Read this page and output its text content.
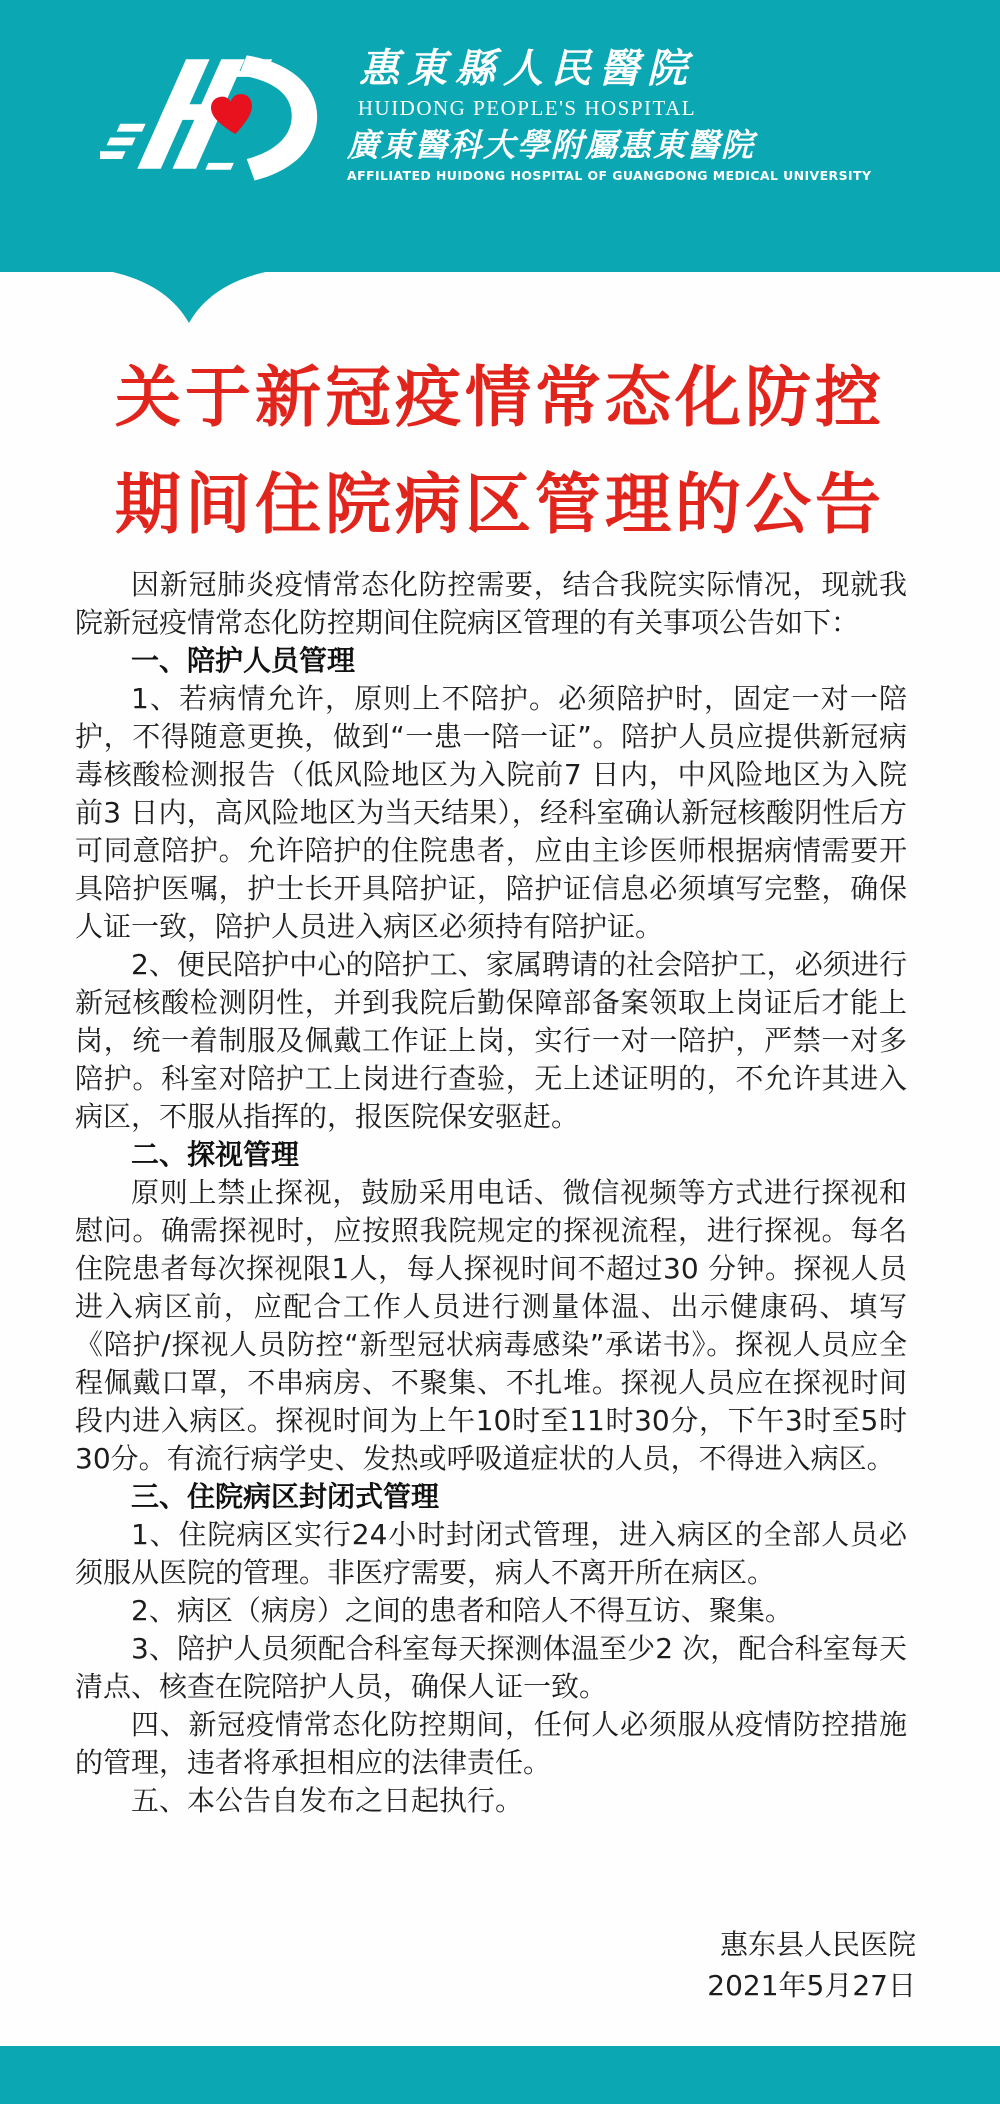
惠東縣人民醫院
HUIDONG PEOPLE'S HOSPITAL
廣東醫科大學附屬惠東醫院
AFFILIATED HUIDONG HOSPITAL OF GUANGDONG MEDICAL UNIVERSITY
关于新冠疫情常态化防控
期间住院病区管理的公告

因新冠肺炎疫情常态化防控需要，结合我院实际情况，现就我院新冠疫情常态化防控期间住院病区管理的有关事项公告如下：

一、陪护人员管理

1、若病情允许，原则上不陪护。必须陪护时，固定一对一陪护，不得随意更换，做到“一患一陪一证”。陪护人员应提供新冠病毒核酸检测报告（低风险地区为入院前7 日内，中风险地区为入院前3 日内，高风险地区为当天结果），经科室确认新冠核酸阴性后方可同意陪护。允许陪护的住院患者，应由主诊医师根据病情需要开具陪护医嘱，护士长开具陪护证，陪护证信息必须填写完整，确保人证一致，陪护人员进入病区必须持有陪护证。

2、便民陪护中心的陪护工、家属聘请的社会陪护工，必须进行新冠核酸检测阴性，并到我院后勤保障部备案领取上岗证后才能上岗，统一着制服及佩戴工作证上岗，实行一对一陪护，严禁一对多陪护。科室对陪护工上岗进行查验，无上述证明的，不允许其进入病区，不服从指挥的，报医院保安驱赶。

二、探视管理

原则上禁止探视，鼓励采用电话、微信视频等方式进行探视和慰问。确需探视时，应按照我院规定的探视流程，进行探视。每名住院患者每次探视限1人，每人探视时间不超过30 分钟。探视人员进入病区前，应配合工作人员进行测量体温、出示健康码、填写《陪护/探视人员防控“新型冠状病毒感染”承诺书》。探视人员应全程佩戴口罩，不串病房、不聚集、不扎堆。探视人员应在探视时间段内进入病区。探视时间为上午10时至11时30分，下午3时至5时30分。有流行病学史、发热或呼吸道症状的人员，不得进入病区。

三、住院病区封闭式管理

1、住院病区实行24小时封闭式管理，进入病区的全部人员必须服从医院的管理。非医疗需要，病人不离开所在病区。

2、病区（病房）之间的患者和陪人不得互访、聚集。

3、陪护人员须配合科室每天探测体温至少2 次，配合科室每天清点、核查在院陪护人员，确保人证一致。

四、新冠疫情常态化防控期间，任何人必须服从疫情防控措施的管理，违者将承担相应的法律责任。

五、本公告自发布之日起执行。

惠东县人民医院
2021年5月27日
